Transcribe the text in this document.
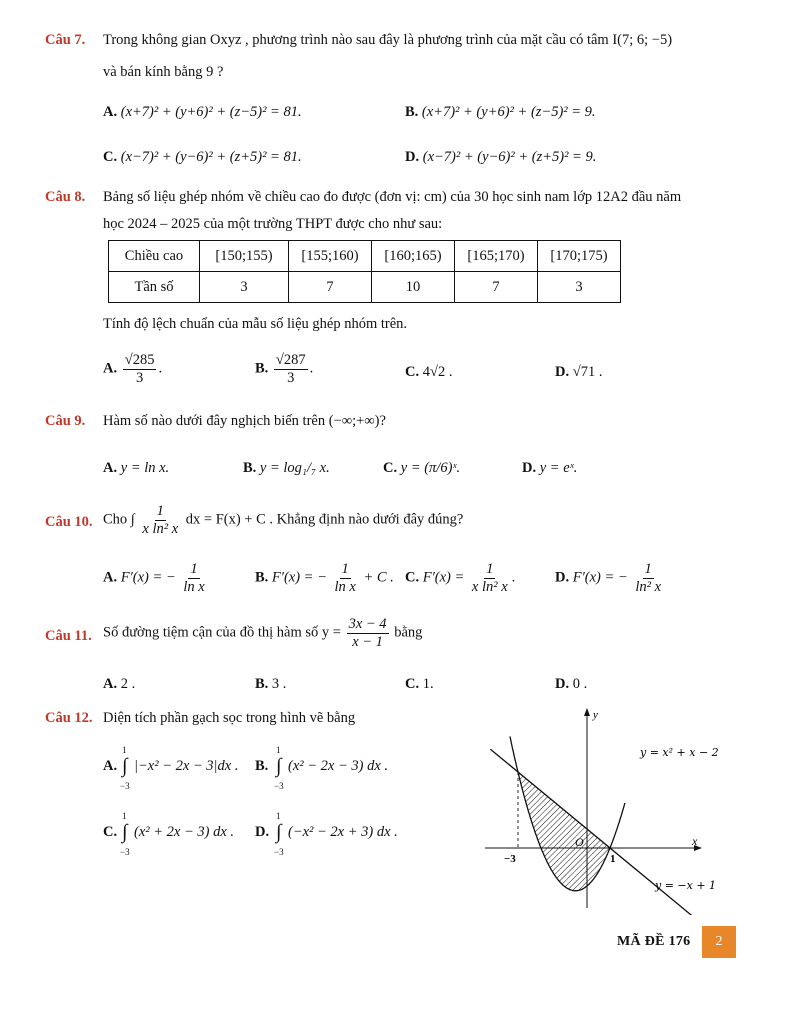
Câu 7. Trong không gian Oxyz , phương trình nào sau đây là phương trình của mặt cầu có tâm I(7; 6; −5)
và bán kính bằng 9 ?
A. (x+7)² + (y+6)² + (z−5)² = 81.	B. (x+7)² + (y+6)² + (z−5)² = 9.
C. (x−7)² + (y−6)² + (z+5)² = 81.	D. (x−7)² + (y−6)² + (z+5)² = 9.
Câu 8. Bảng số liệu ghép nhóm về chiều cao đo được (đơn vị: cm) của 30 học sinh nam lớp 12A2 đầu năm
học 2024 – 2025 của một trường THPT được cho như sau:
Chiều cao	[150;155)	[155;160)	[160;165)	[165;170)	[170;175)
Tần số	3	7	10	7	3
Tính độ lệch chuẩn của mẫu số liệu ghép nhóm trên.
A. $\frac{√285}{3}$ .	B. $\frac{√287}{3}$ .	C. 4√2 .	D. √71 .
Câu 9. Hàm số nào dưới đây nghịch biến trên (−∞;+∞)?
A. y = ln x.	B. y = log₁/₇ x.	C. y = (π/6)ˣ.	D. y = eˣ.
Câu 10. Cho ∫ $\frac{1}{\text{x ln² x}}$ dx = F(x) + C . Khẳng định nào dưới đây đúng?
A. F′(x) = − $\frac{1}{\text{ln x}}$	B. F′(x) = − $\frac{1}{\text{ln x}} + C$ . C. $F'(x) = \frac{1}{\text{x ln² x}}$ .	D. F′(x) = − $\frac{1}{\text{ln² x}}$
Câu 11. Số đường tiệm cận của đồ thị hàm số $y = \frac{3x - 4}{x - 1}$ bằng
A. 2 .	B. 3 .	C. 1.	D. 0 .
Câu 12. Diện tích phần gạch sọc trong hình vẽ bằng
A.
1
∫
−3
|−x² − 2x − 3|dx . B.
1
∫
−3
(x² − 2x − 3) dx .
C.
1
∫
−3
(x² + 2x − 3) dx . D.
1
∫
−3
(−x² − 2x + 3) dx .
y
x
O
−3	1
y = x² + x − 2
y = −x + 1
MÃ ĐỀ 176	2
